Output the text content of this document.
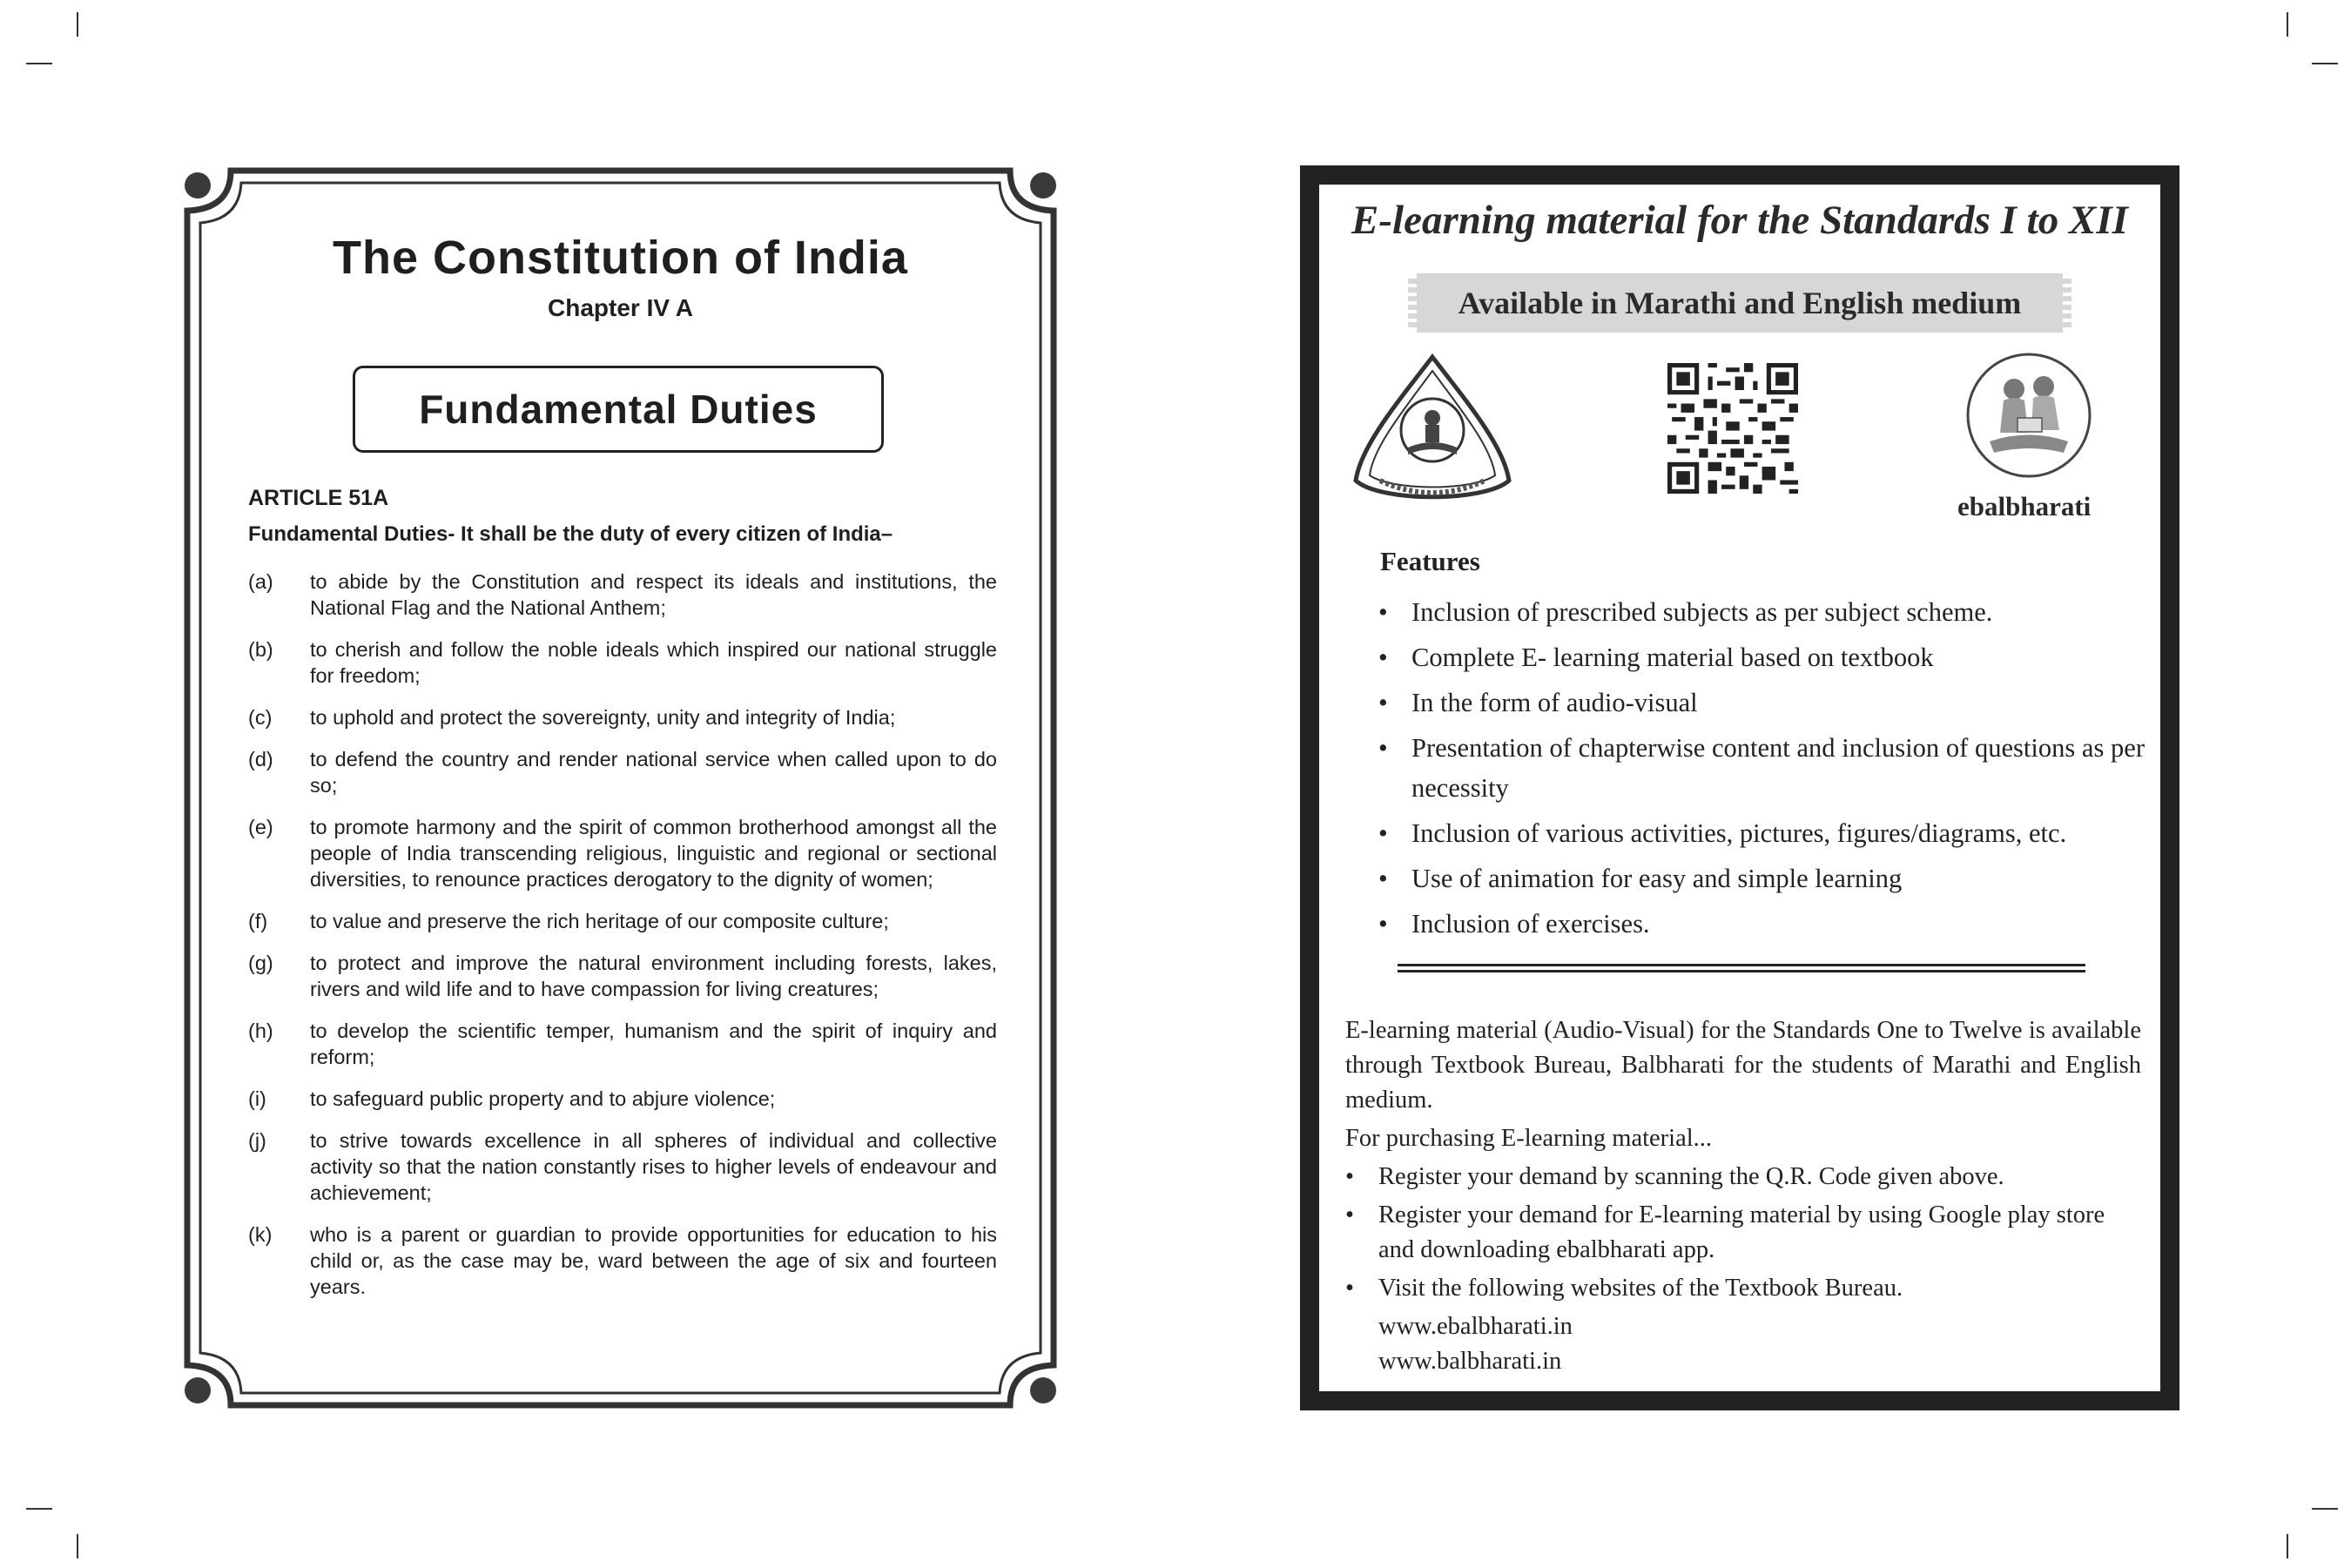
The Constitution of India
Chapter IV A
Fundamental Duties
ARTICLE 51A
Fundamental Duties- It shall be the duty of every citizen of India–
(a)	to abide by the Constitution and respect its ideals and institutions, the National Flag and the National Anthem;
(b)	to cherish and follow the noble ideals which inspired our national struggle for freedom;
(c)	to uphold and protect the sovereignty, unity and integrity of India;
(d)	to defend the country and render national service when called upon to do so;
(e)	to promote harmony and the spirit of common brotherhood amongst all the people of India transcending religious, linguistic and regional or sectional diversities, to renounce practices derogatory to the dignity of women;
(f)	to value and preserve the rich heritage of our composite culture;
(g)	to protect and improve the natural environment including forests, lakes, rivers and wild life and to have compassion for living creatures;
(h)	to develop the scientific temper, humanism and the spirit of inquiry and reform;
(i)	to safeguard public property and to abjure violence;
(j)	to strive towards excellence in all spheres of individual and collective activity so that the nation constantly rises to higher levels of endeavour and achievement;
(k)	who is a parent or guardian to provide opportunities for education to his child or, as the case may be, ward between the age of six and fourteen years.
E-learning material for the Standards I to XII
Available in Marathi and English medium
ebalbharati
Features
• Inclusion of prescribed subjects as per subject scheme.
• Complete E- learning material based on textbook
• In the form of audio-visual
• Presentation of chapterwise content and inclusion of questions as per necessity
• Inclusion of various activities, pictures, figures/diagrams, etc.
• Use of animation for easy and simple learning
• Inclusion of exercises.
E-learning material (Audio-Visual) for the Standards One to Twelve is available through Textbook Bureau, Balbharati for the students of Marathi and English medium.
For purchasing E-learning material...
• Register your demand by scanning the Q.R. Code given above.
• Register your demand for E-learning material by using Google play store and downloading ebalbharati app.
• Visit the following websites of the Textbook Bureau.
www.ebalbharati.in
www.balbharati.in
